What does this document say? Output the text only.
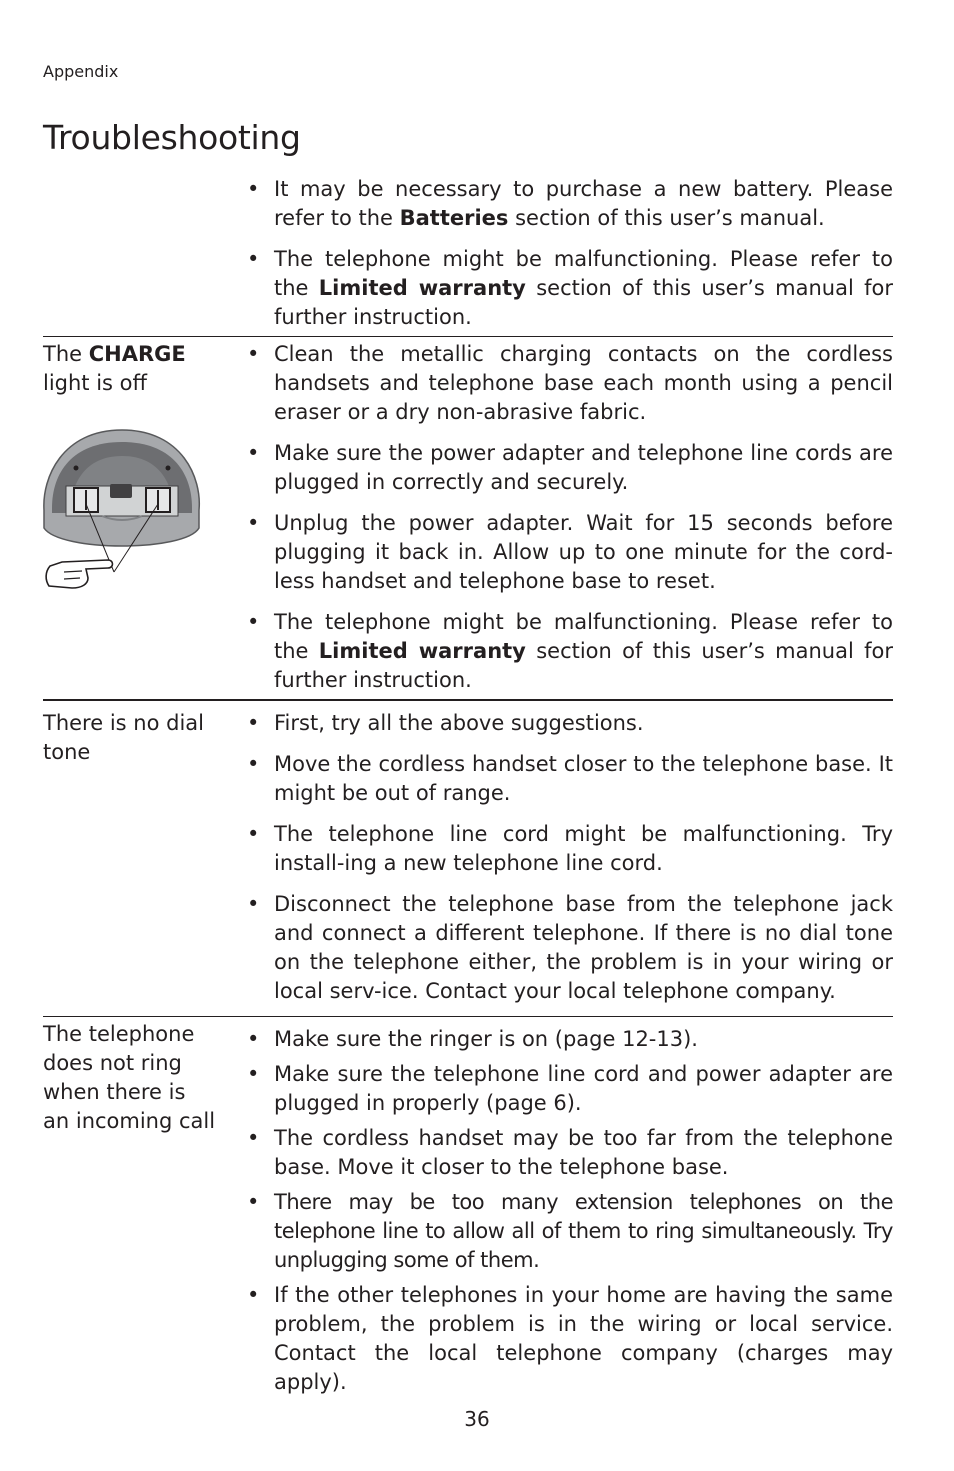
Appendix
Troubleshooting
• It may be necessary to purchase a new battery. Please refer to the Batteries section of this user’s manual.
• The telephone might be malfunctioning. Please refer to the Limited warranty section of this user’s manual for further instruction.
The CHARGE light is off
• Clean the metallic charging contacts on the cordless handsets and telephone base each month using a pencil eraser or a dry non-abrasive fabric.
• Make sure the power adapter and telephone line cords are plugged in correctly and securely.
• Unplug the power adapter. Wait for 15 seconds before plugging it back in. Allow up to one minute for the cord-less handset and telephone base to reset.
• The telephone might be malfunctioning. Please refer to the Limited warranty section of this user’s manual for further instruction.
There is no dial tone
• First, try all the above suggestions.
• Move the cordless handset closer to the telephone base. It might be out of range.
• The telephone line cord might be malfunctioning. Try install-ing a new telephone line cord.
• Disconnect the telephone base from the telephone jack and connect a different telephone. If there is no dial tone on the telephone either, the problem is in your wiring or local serv-ice. Contact your local telephone company.
The telephone does not ring
when there is an incoming call
• Make sure the ringer is on (page 12-13).
• Make sure the telephone line cord and power adapter are plugged in properly (page 6).
• The cordless handset may be too far from the telephone base. Move it closer to the telephone base.
• There may be too many extension telephones on the telephone line to allow all of them to ring simultaneously. Try unplugging some of them.
• If the other telephones in your home are having the same problem, the problem is in the wiring or local service. Contact the local telephone company (charges may apply).
36
